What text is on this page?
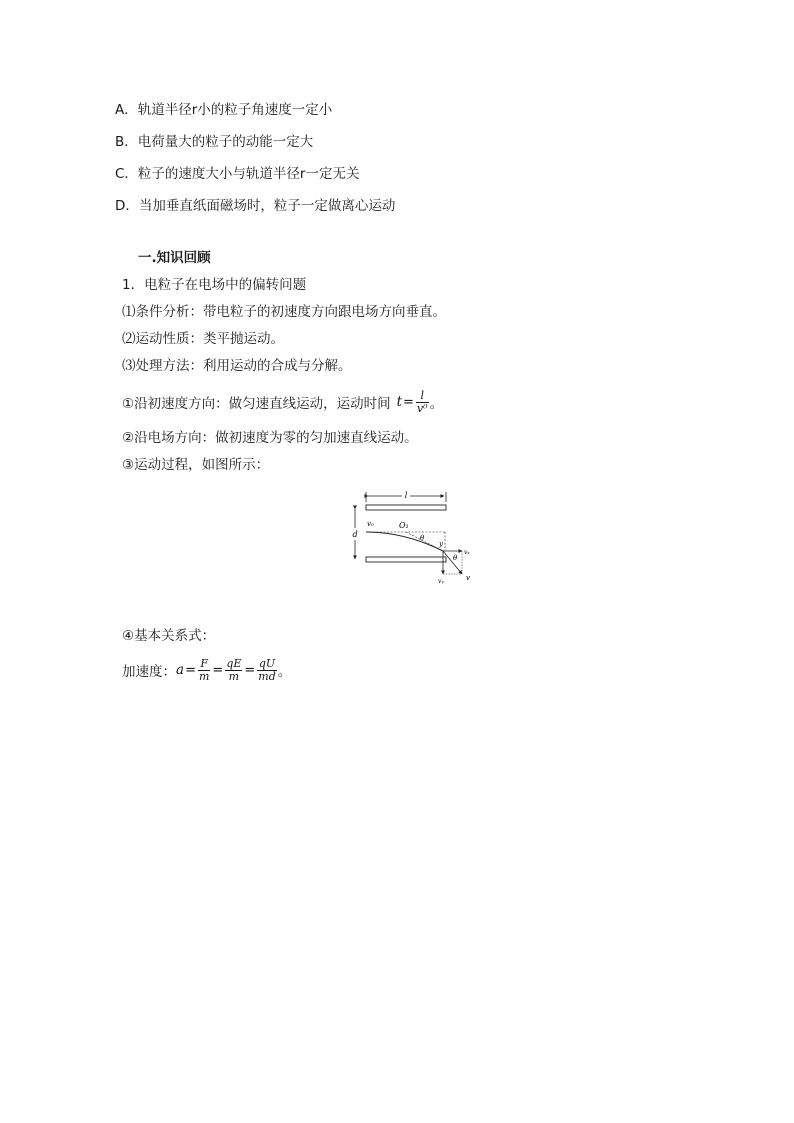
A．轨道半径r小的粒子角速度一定小
B．电荷量大的粒子的动能一定大
C．粒子的速度大小与轨道半径r一定无关
D．当加垂直纸面磁场时，粒子一定做离心运动
一.知识回顾
1．电粒子在电场中的偏转问题
⑴条件分析：带电粒子的初速度方向跟电场方向垂直。
⑵运动性质：类平抛运动。
⑶处理方法：利用运动的合成与分解。
①沿初速度方向：做匀速直线运动，运动时间 $t = \frac{l}{\text{v⁰}}$ 。
②沿电场方向：做初速度为零的匀加速直线运动。
③运动过程，如图所示：
l
d
v₀	O₁
θ
y
vₓ
vᵧ	v
θ
④基本关系式：
加速度： $a = \frac{F}{m} = \frac{qE}{m} = \frac{qU}{md}$ 。
